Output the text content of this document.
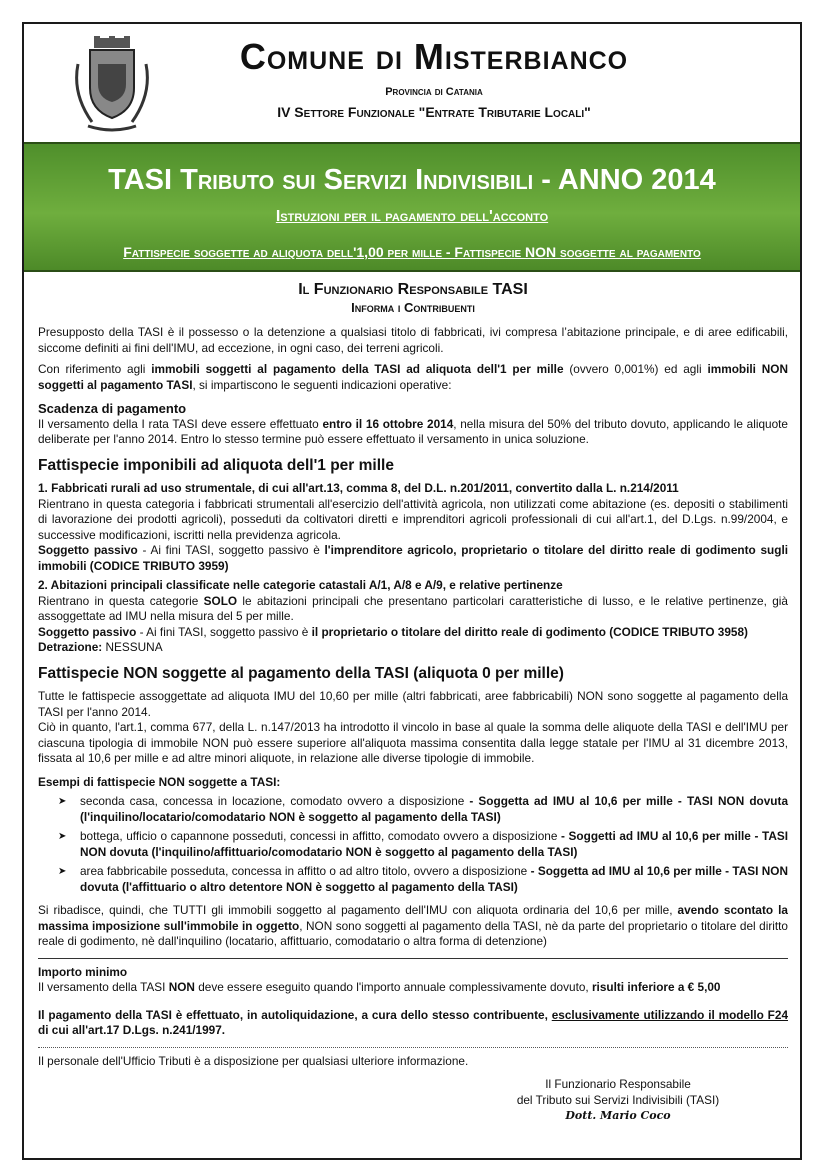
Comune di Misterbianco
Provincia di Catania
IV Settore Funzionale "Entrate Tributarie Locali"
TASI Tributo sui Servizi Indivisibili - ANNO 2014
Istruzioni per il pagamento dell'acconto
Fattispecie soggette ad aliquota dell'1,00 per mille - Fattispecie NON soggette al pagamento
Il Funzionario Responsabile TASI
Informa i Contribuenti

Presupposto della TASI è il possesso o la detenzione a qualsiasi titolo di fabbricati, ivi compresa l’abitazione principale, e di aree edificabili, siccome definiti ai fini dell'IMU, ad eccezione, in ogni caso, dei terreni agricoli.

Con riferimento agli immobili soggetti al pagamento della TASI ad aliquota dell'1 per mille (ovvero 0,001%) ed agli immobili NON soggetti al pagamento TASI, si impartiscono le seguenti indicazioni operative:

Scadenza di pagamento

Il versamento della I rata TASI deve essere effettuato entro il 16 ottobre 2014, nella misura del 50% del tributo dovuto, applicando le aliquote deliberate per l'anno 2014. Entro lo stesso termine può essere effettuato il versamento in unica soluzione.

Fattispecie imponibili ad aliquota dell'1 per mille

1. Fabbricati rurali ad uso strumentale, di cui all'art.13, comma 8, del D.L. n.201/2011, convertito dalla L. n.214/2011

Rientrano in questa categoria i fabbricati strumentali all'esercizio dell'attività agricola, non utilizzati come abitazione (es. depositi o stabilimenti di lavorazione dei prodotti agricoli), posseduti da coltivatori diretti e imprenditori agricoli professionali di cui all'art.1, del D.Lgs. n.99/2004, e successive modificazioni, iscritti nella previdenza agricola.

Soggetto passivo - Ai fini TASI, soggetto passivo è l'imprenditore agricolo, proprietario o titolare del diritto reale di godimento sugli immobili (CODICE TRIBUTO 3959)

2. Abitazioni principali classificate nelle categorie catastali A/1, A/8 e A/9, e relative pertinenze

Rientrano in questa categorie SOLO le abitazioni principali che presentano particolari caratteristiche di lusso, e le relative pertinenze, già assoggettate ad IMU nella misura del 5 per mille.

Soggetto passivo - Ai fini TASI, soggetto passivo è il proprietario o titolare del diritto reale di godimento (CODICE TRIBUTO 3958)

Detrazione: NESSUNA

Fattispecie NON soggette al pagamento della TASI (aliquota 0 per mille)

Tutte le fattispecie assoggettate ad aliquota IMU del 10,60 per mille (altri fabbricati, aree fabbricabili) NON sono soggette al pagamento della TASI per l'anno 2014.

Ciò in quanto, l'art.1, comma 677, della L. n.147/2013 ha introdotto il vincolo in base al quale la somma delle aliquote della TASI e dell'IMU per ciascuna tipologia di immobile NON può essere superiore all'aliquota massima consentita dalla legge statale per l'IMU al 31 dicembre 2013, fissata al 10,6 per mille e ad altre minori aliquote, in relazione alle diverse tipologie di immobile.

Esempi di fattispecie NON soggette a TASI:

➤ seconda casa, concessa in locazione, comodato ovvero a disposizione - Soggetta ad IMU al 10,6 per mille - TASI NON dovuta (l'inquilino/locatario/comodatario NON è soggetto al pagamento della TASI)
➤ bottega, ufficio o capannone posseduti, concessi in affitto, comodato ovvero a disposizione - Soggetti ad IMU al 10,6 per mille - TASI NON dovuta (l'inquilino/affittuario/comodatario NON è soggetto al pagamento della TASI)
➤ area fabbricabile posseduta, concessa in affitto o ad altro titolo, ovvero a disposizione - Soggetta ad IMU al 10,6 per mille - TASI NON dovuta (l'affittuario o altro detentore NON è soggetto al pagamento della TASI)

Si ribadisce, quindi, che TUTTI gli immobili soggetto al pagamento dell'IMU con aliquota ordinaria del 10,6 per mille, avendo scontato la massima imposizione sull'immobile in oggetto, NON sono soggetti al pagamento della TASI, nè da parte del proprietario o titolare del diritto reale di godimento, nè dall'inquilino (locatario, affittuario, comodatario o altra forma di detenzione)

Importo minimo

Il versamento della TASI NON deve essere eseguito quando l'importo annuale complessivamente dovuto, risulti inferiore a € 5,00

Il pagamento della TASI è effettuato, in autoliquidazione, a cura dello stesso contribuente, esclusivamente utilizzando il modello F24 di cui all'art.17 D.Lgs. n.241/1997.

Il personale dell'Ufficio Tributi è a disposizione per qualsiasi ulteriore informazione.

Il Funzionario Responsabile
del Tributo sui Servizi Indivisibili (TASI)
Dott. Mario Coco
